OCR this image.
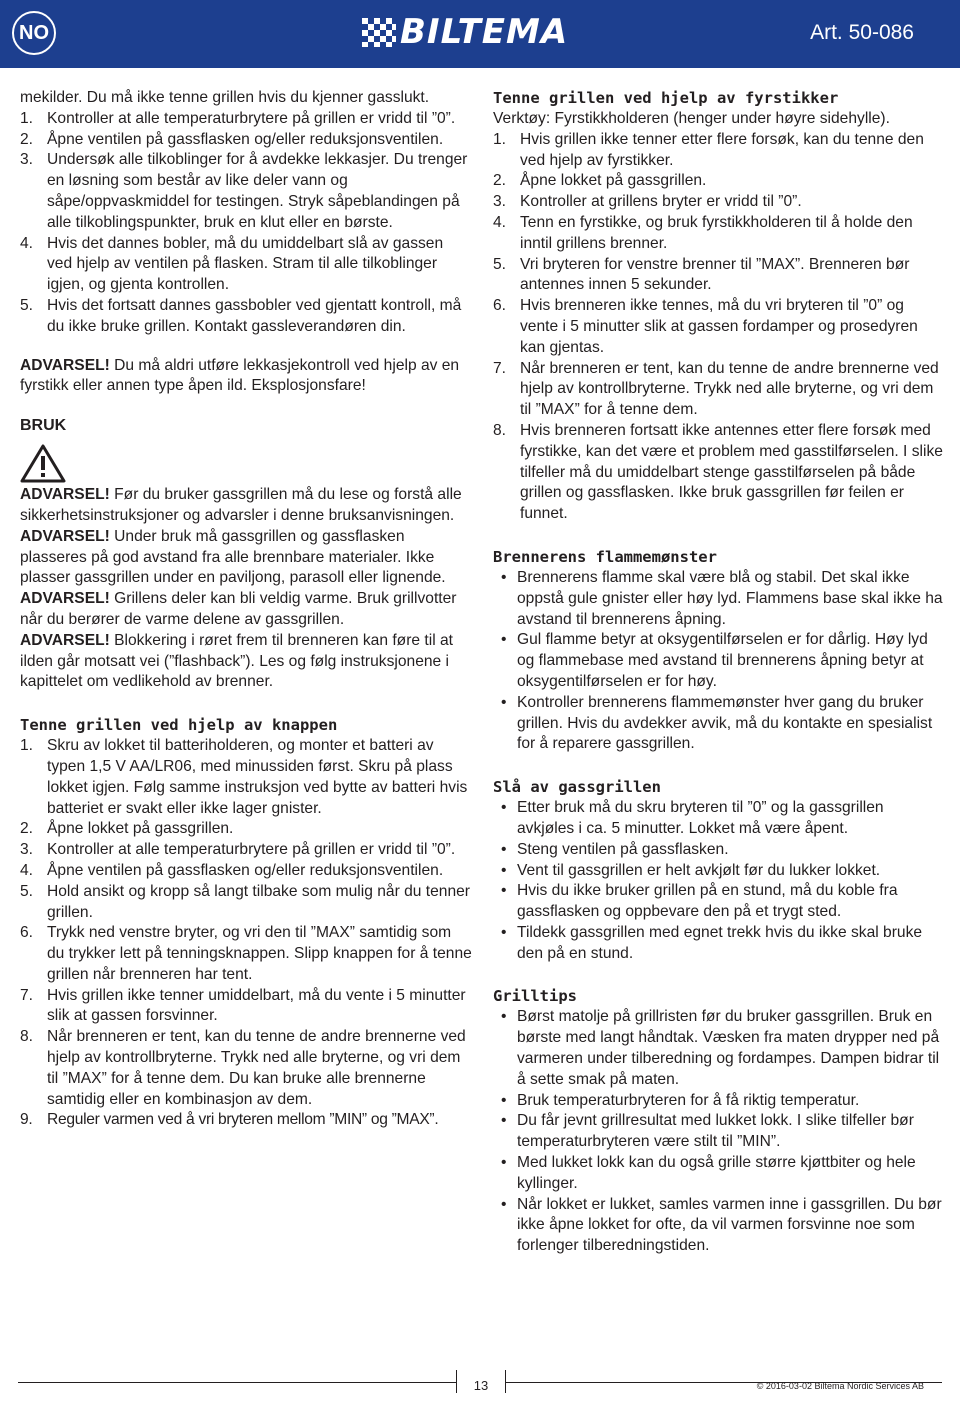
NO	BILTEMA	Art. 50-086

mekilder. Du må ikke tenne grillen hvis du kjenner gasslukt.

1. Kontroller at alle temperaturbrytere på grillen er vridd til ”0”.
2. Åpne ventilen på gassflasken og/eller reduksjonsventilen.
3. Undersøk alle tilkoblinger for å avdekke lekkasjer. Du trenger en løsning som består av like deler vann og såpe/oppvaskmiddel for testingen. Stryk såpeblandingen på alle tilkoblingspunkter, bruk en klut eller en børste.
4. Hvis det dannes bobler, må du umiddelbart slå av gassen ved hjelp av ventilen på flasken. Stram til alle tilkoblinger igjen, og gjenta kontrollen.
5. Hvis det fortsatt dannes gassbobler ved gjentatt kontroll, må du ikke bruke grillen. Kontakt gassleverandøren din.

ADVARSEL! Du må aldri utføre lekkasjekontroll ved hjelp av en fyrstikk eller annen type åpen ild. Eksplosjonsfare!

BRUK

ADVARSEL! Før du bruker gassgrillen må du lese og forstå alle sikkerhetsinstruksjoner og advarsler i denne bruksanvisningen.

ADVARSEL! Under bruk må gassgrillen og gassflasken plasseres på god avstand fra alle brennbare materialer. Ikke plasser gassgrillen under en paviljong, parasoll eller lignende.

ADVARSEL! Grillens deler kan bli veldig varme. Bruk grillvotter når du berører de varme delene av gassgrillen.

ADVARSEL! Blokkering i røret frem til brenneren kan føre til at ilden går motsatt vei (”flashback”). Les og følg instruksjonene i kapittelet om vedlikehold av brenner.

Tenne grillen ved hjelp av knappen
1. Skru av lokket til batteriholderen, og monter et batteri av typen 1,5 V AA/LR06, med minussiden først. Skru på plass lokket igjen. Følg samme instruksjon ved bytte av batteri hvis batteriet er svakt eller ikke lager gnister.
2. Åpne lokket på gassgrillen.
3. Kontroller at alle temperaturbrytere på grillen er vridd til ”0”.
4. Åpne ventilen på gassflasken og/eller reduksjonsventilen.
5. Hold ansikt og kropp så langt tilbake som mulig når du tenner grillen.
6. Trykk ned venstre bryter, og vri den til ”MAX” samtidig som du trykker lett på tenningsknappen. Slipp knappen for å tenne grillen når brenneren har tent.
7. Hvis grillen ikke tenner umiddelbart, må du vente i 5 minutter slik at gassen forsvinner.
8. Når brenneren er tent, kan du tenne de andre brennerne ved hjelp av kontrollbryterne. Trykk ned alle bryterne, og vri dem til ”MAX” for å tenne dem. Du kan bruke alle brennerne samtidig eller en kombinasjon av dem.
9. Reguler varmen ved å vri bryteren mellom ”MIN” og ”MAX”.
Tenne grillen ved hjelp av fyrstikker

Verktøy: Fyrstikkholderen (henger under høyre sidehylle).

1. Hvis grillen ikke tenner etter flere forsøk, kan du tenne den ved hjelp av fyrstikker.
2. Åpne lokket på gassgrillen.
3. Kontroller at grillens bryter er vridd til ”0”.
4. Tenn en fyrstikke, og bruk fyrstikkholderen til å holde den inntil grillens brenner.
5. Vri bryteren for venstre brenner til ”MAX”. Brenneren bør antennes innen 5 sekunder.
6. Hvis brenneren ikke tennes, må du vri bryteren til ”0” og vente i 5 minutter slik at gassen fordamper og prosedyren kan gjentas.
7. Når brenneren er tent, kan du tenne de andre brennerne ved hjelp av kontrollbryterne. Trykk ned alle bryterne, og vri dem til ”MAX” for å tenne dem.
8. Hvis brenneren fortsatt ikke antennes etter flere forsøk med fyrstikke, kan det være et problem med gasstilførselen. I slike tilfeller må du umiddelbart stenge gasstilførselen på både grillen og gassflasken. Ikke bruk gassgrillen før feilen er funnet.
Brennerens flammemønster
• Brennerens flamme skal være blå og stabil. Det skal ikke oppstå gule gnister eller høy lyd. Flammens base skal ikke ha avstand til brennerens åpning.
• Gul flamme betyr at oksygentilførselen er for dårlig. Høy lyd og flammebase med avstand til brennerens åpning betyr at oksygentilførselen er for høy.
• Kontroller brennerens flammemønster hver gang du bruker grillen. Hvis du avdekker avvik, må du kontakte en spesialist for å reparere gassgrillen.
Slå av gassgrillen
• Etter bruk må du skru bryteren til ”0” og la gassgrillen avkjøles i ca. 5 minutter. Lokket må være åpent.
• Steng ventilen på gassflasken.
• Vent til gassgrillen er helt avkjølt før du lukker lokket.
• Hvis du ikke bruker grillen på en stund, må du koble fra gassflasken og oppbevare den på et trygt sted.
• Tildekk gassgrillen med egnet trekk hvis du ikke skal bruke den på en stund.
Grilltips
• Børst matolje på grillristen før du bruker gassgrillen. Bruk en børste med langt håndtak. Væsken fra maten drypper ned på varmeren under tilberedning og fordampes. Dampen bidrar til å sette smak på maten.
• Bruk temperaturbryteren for å få riktig temperatur.
• Du får jevnt grillresultat med lukket lokk. I slike tilfeller bør temperaturbryteren være stilt til ”MIN”.
• Med lukket lokk kan du også grille større kjøttbiter og hele kyllinger.
• Når lokket er lukket, samles varmen inne i gassgrillen. Du bør ikke åpne lokket for ofte, da vil varmen forsvinne noe som forlenger tilberedningstiden.
13	© 2016-03-02 Biltema Nordic Services AB
